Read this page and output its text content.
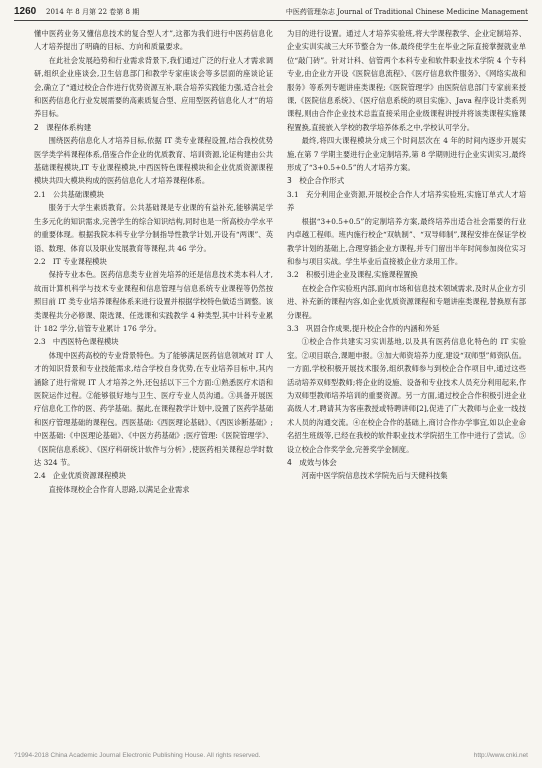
1260 2014 年 8 月第 22 卷第 8 期	中医药管理杂志 Journal of Traditional Chinese Medicine Management

懂中医药业务又懂信息技术的复合型人才”,这都为我们进行中医药信息化人才培养提出了明确的目标、方向和质量要求。

在此社会发展趋势和行业需求背景下,我们通过广泛的行业人才需求调研,组织企业座谈会,卫生信息部门和教学专家座谈会等多层面的座谈论证会,确立了“通过校企合作进行优势资源互补,联合培养实践能力强,适合社会和医药信息化行业发展需要的高素质复合型、应用型医药信息化人才”的培养目标。

2　课程体系构建

围绕医药信息化人才培养目标,依据 IT 类专业课程设置,结合我校优势医学类学科课程体系,借鉴合作企业的优质教育、培训资源,论证构建由公共基础课程模块,IT 专业课程模块,中西医特色课程模块和企业优质资源课程模块共四大模块构成的医药信息化人才培养课程体系。

2.1　公共基础课模块

服务于大学生素质教育。公共基础课是专业课的有益补充,能够满足学生多元化的知识需求,完善学生的综合知识结构,同时也是一所高校办学水平的重要体现。根据我院本科专业学分制指导性教学计划,开设有“两课”、英语、数理、体育以及职业发展教育等课程,共 46 学分。

2.2　IT 专业课程模块

保持专业本色。医药信息类专业首先培养的还是信息技术类本科人才,故而计算机科学与技术专业课程和信息管理与信息系统专业课程等仍然按照目前 IT 类专业培养课程体系来进行设置并根据学校特色做适当调整。该类课程共分必修课、限选课、任选课和实践教学 4 种类型,其中计科专业累计 182 学分,信管专业累计 176 学分。

2.3　中西医特色课程模块

体现中医药高校的专业背景特色。为了能够满足医药信息领域对 IT 人才的知识背景和专业技能需求,结合学校自身优势,在专业培养目标中,其内涵除了进行常规 IT 人才培养之外,还包括以下三个方面:①熟悉医疗术语和医院运作过程。②能够很好地与卫生、医疗专业人员沟通。③具备开展医疗信息化工作的医、药学基础。据此,在课程教学计划中,设置了医药学基础和医疗管理基础的课程包。西医基础:《西医理论基础》、《西医诊断基础》;中医基础:《中医理论基础》、《中医方药基础》;医疗管理:《医院管理学》、《医院信息系统》、《医疗科研统计软件与分析》,使医药相关课程总学时数达 324 节。

2.4　企业优质资源课程模块

直接体现校企合作育人思路,以满足企业需求

为目的进行设置。通过人才培养实验班,将大学课程教学、企业定制培养、企业实训实战三大环节整合为一体,最终使学生在毕业之际直接掌握就业单位“敲门砖”。针对计科、信管两个本科专业和软件职业技术学院 4 个专科专业,由企业方开设《医院信息流程》、《医疗信息软件服务》、《网络实战和服务》等系列专题讲座类课程;《医院管理学》由医院信息部门专家前来授课,《医院信息系统》、《医疗信息系统的项目实施》、Java 程序设计类系列课程,则由合作企业技术总监直接采用企业级课程讲授并将该类课程实施课程置换,直接嵌入学校的教学培养体系之中,学校认可学分。

最终,将四大课程模块分成三个时间层次在 4 年的时间内逐步开展实施,在第 7 学期主要进行企业定制培养,第 8 学期则进行企业实训实习,最终形成了“3+0.5+0.5”的人才培养方案。

3　校企合作形式
3.1　充分利用企业资源,开展校企合作人才培养实验班,实施订单式人才培养

根据“3+0.5+0.5”的定制培养方案,最终培养出适合社会需要的行业内卓越工程师。班内施行校企“双轨制”、“双导师制”,课程安排在保证学校教学计划的基础上,合理穿插企业方课程,并专门留出半年时间参加岗位实习和参与项目实战。学生毕业后直接被企业方录用工作。

3.2　积极引进企业及课程,实施课程置换

在校企合作实验班内部,面向市场和信息技术领域需求,及时从企业方引进、补充新的课程内容,如企业优质资源课程和专题讲座类课程,替换原有部分课程。

3.3　巩固合作成果,提升校企合作的内涵和外延

①校企合作共建实习实训基地,以及具有医药信息化特色的 IT 实验室。②项目联合,课题申报。③加大师资培养力度,建设“双师型”师资队伍。一方面,学校积极开展技术服务,组织教师参与到校企合作项目中,通过这些活动培养双师型教师;将企业的设施、设备和专业技术人员充分利用起来,作为双师型教师培养培训的重要资源。另一方面,通过校企合作积极引进企业高级人才,聘请其为客座教授或特聘讲师[2],促进了广大教师与企业一线技术人员的沟通交流。④在校企合作的基础上,商讨合作办学事宜,如以企业命名招生班级等,已经在我校的软件职业技术学院招生工作中进行了尝试。⑤设立校企合作奖学金,完善奖学金制度。

4　成效与体会

河南中医学院信息技术学院先后与天健科技集

?1994-2018 China Academic Journal Electronic Publishing House. All rights reserved.	http://www.cnki.net
